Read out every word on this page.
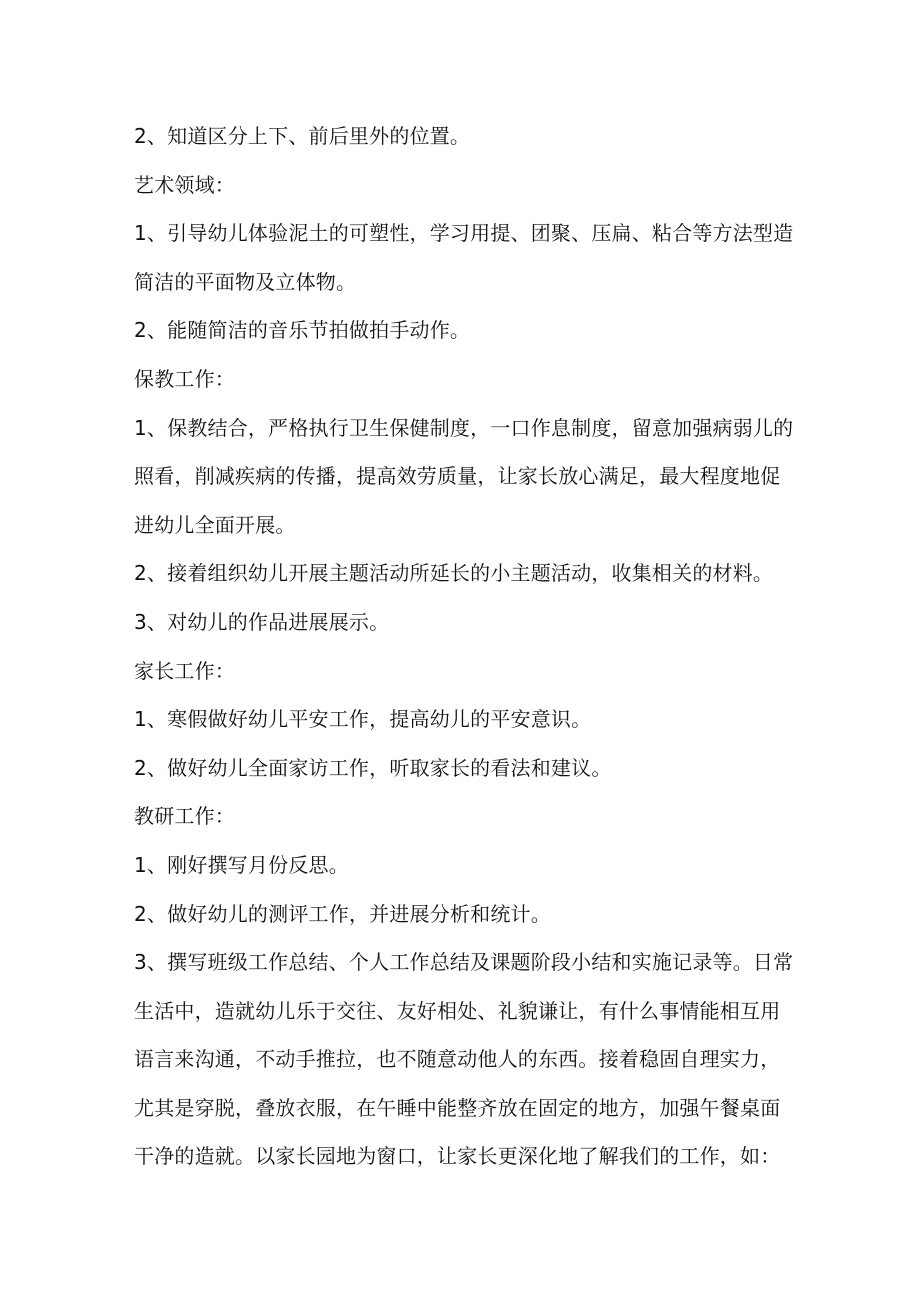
2、知道区分上下、前后里外的位置。
艺术领域：
1、引导幼儿体验泥土的可塑性，学习用提、团聚、压扁、粘合等方法型造
简洁的平面物及立体物。
2、能随简洁的音乐节拍做拍手动作。
保教工作：
1、保教结合，严格执行卫生保健制度，一口作息制度，留意加强病弱儿的
照看，削减疾病的传播，提高效劳质量，让家长放心满足，最大程度地促
进幼儿全面开展。
2、接着组织幼儿开展主题活动所延长的小主题活动，收集相关的材料。
3、对幼儿的作品进展展示。
家长工作：
1、寒假做好幼儿平安工作，提高幼儿的平安意识。
2、做好幼儿全面家访工作，听取家长的看法和建议。
教研工作：
1、刚好撰写月份反思。
2、做好幼儿的测评工作，并进展分析和统计。
3、撰写班级工作总结、个人工作总结及课题阶段小结和实施记录等。日常
生活中，造就幼儿乐于交往、友好相处、礼貌谦让，有什么事情能相互用
语言来沟通，不动手推拉，也不随意动他人的东西。接着稳固自理实力，
尤其是穿脱，叠放衣服，在午睡中能整齐放在固定的地方，加强午餐桌面
干净的造就。以家长园地为窗口，让家长更深化地了解我们的工作，如：
